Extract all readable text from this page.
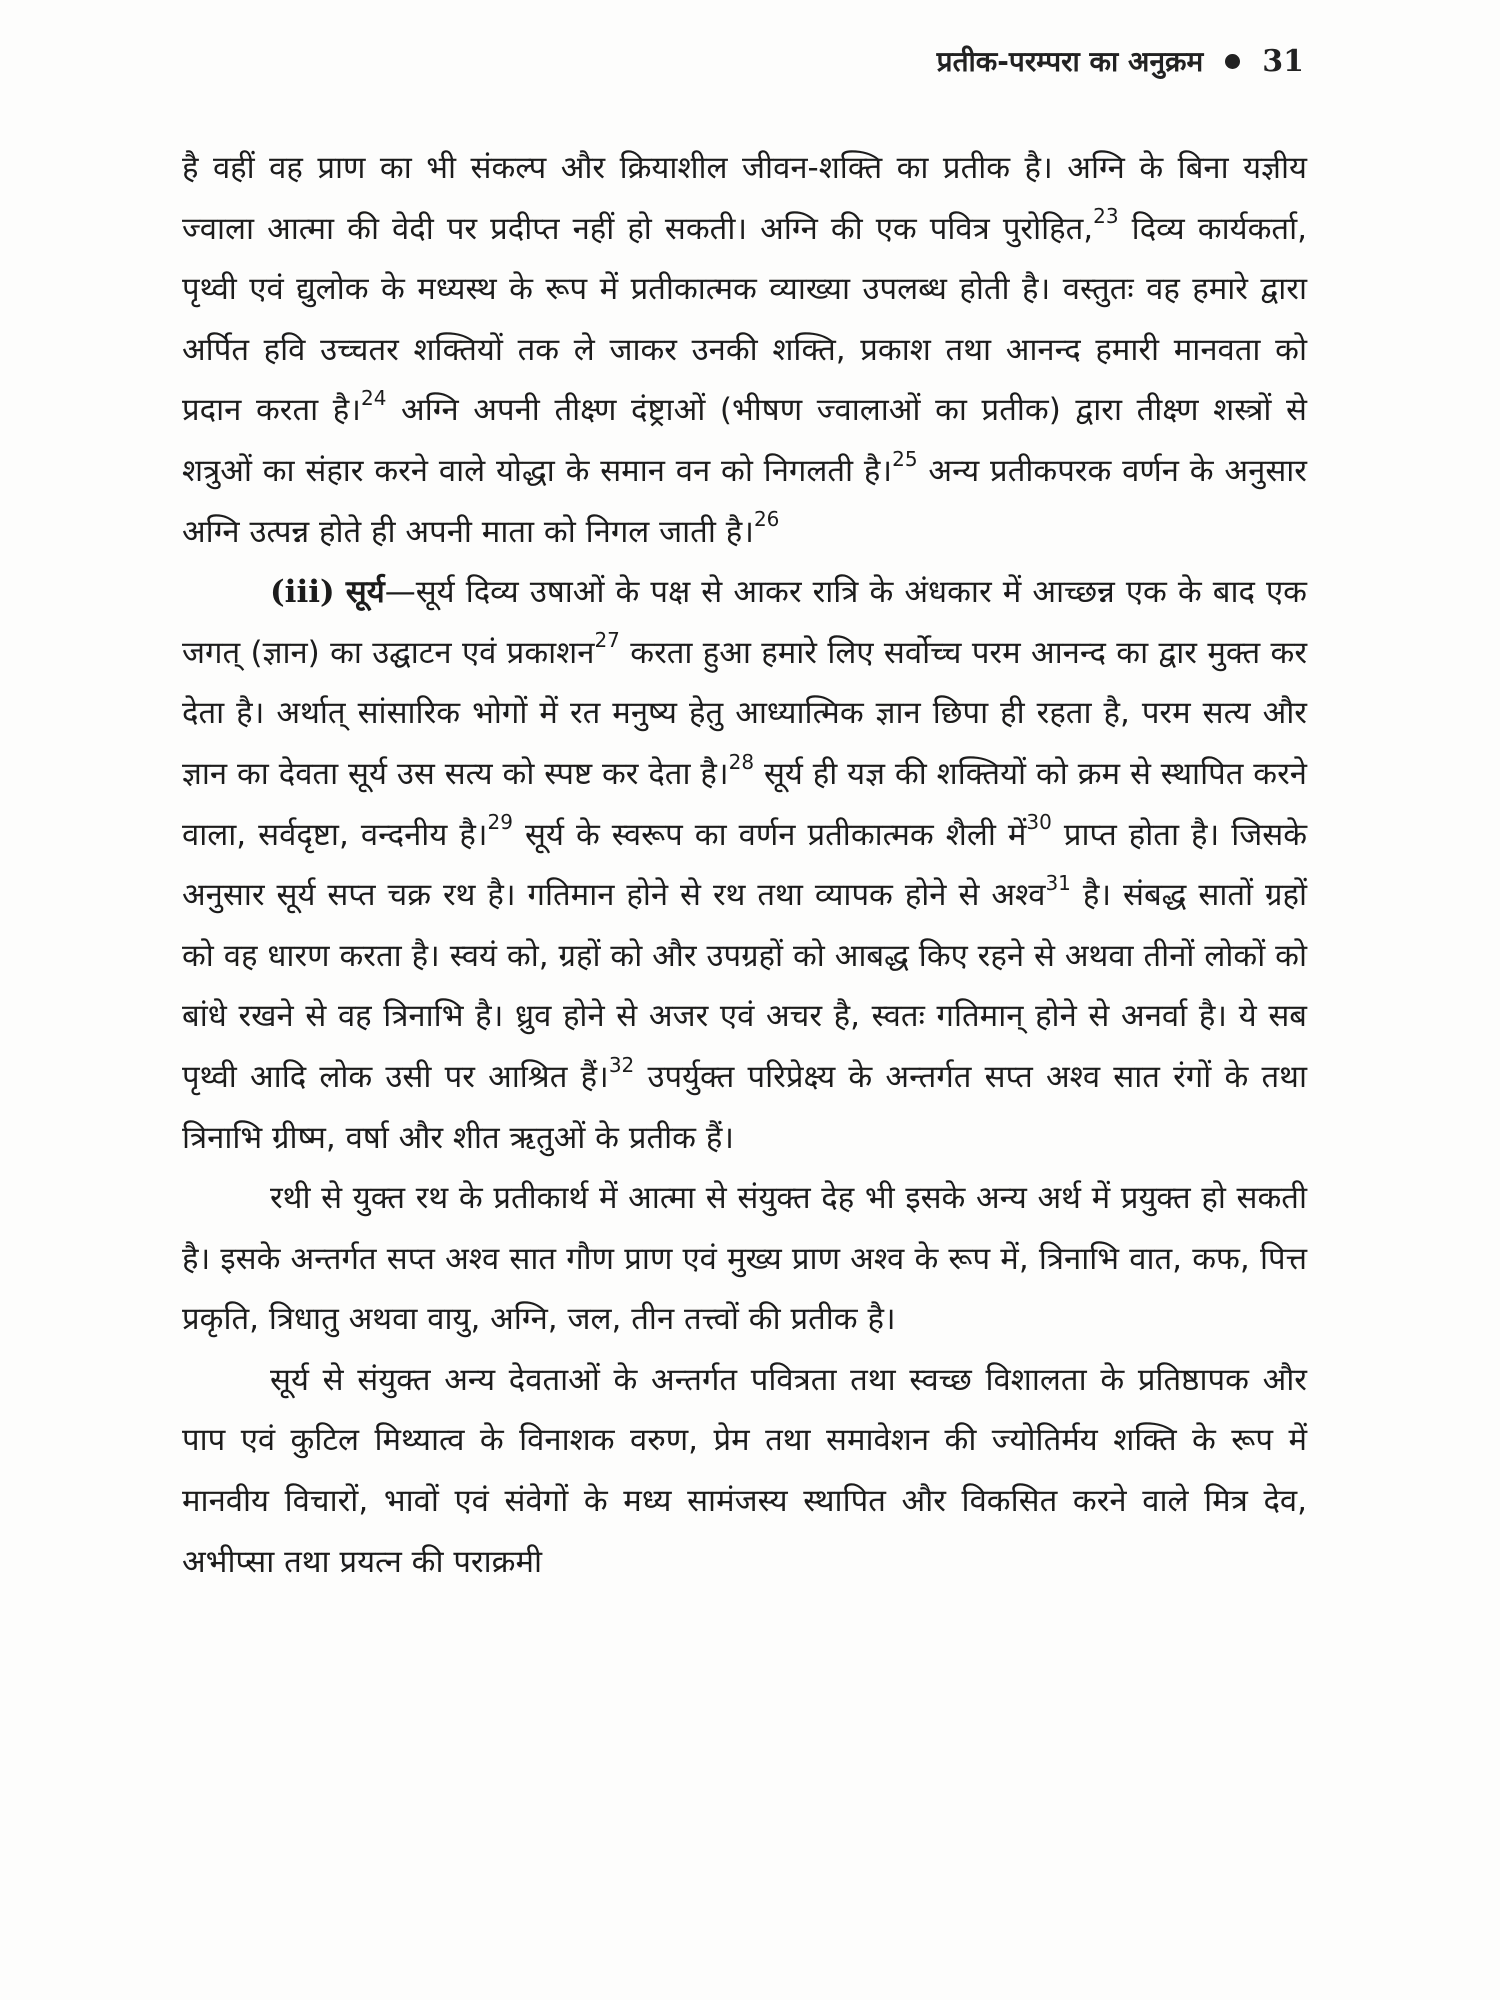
प्रतीक-परम्परा का अनुक्रम 31

है वहीं वह प्राण का भी संकल्प और क्रियाशील जीवन-शक्ति का प्रतीक है। अग्नि के बिना यज्ञीय ज्वाला आत्मा की वेदी पर प्रदीप्त नहीं हो सकती। अग्नि की एक पवित्र पुरोहित,$^{23}$ दिव्य कार्यकर्ता, पृथ्वी एवं द्युलोक के मध्यस्थ के रूप में प्रतीकात्मक व्याख्या उपलब्ध होती है। वस्तुतः वह हमारे द्वारा अर्पित हवि उच्चतर शक्तियों तक ले जाकर उनकी शक्ति, प्रकाश तथा आनन्द हमारी मानवता को प्रदान करता है।$^{24}$ अग्नि अपनी तीक्ष्ण दंष्ट्राओं (भीषण ज्वालाओं का प्रतीक) द्वारा तीक्ष्ण शस्त्रों से शत्रुओं का संहार करने वाले योद्धा के समान वन को निगलती है।$^{25}$ अन्य प्रतीकपरक वर्णन के अनुसार अग्नि उत्पन्न होते ही अपनी माता को निगल जाती है।$^{26}$

(iii) सूर्य—सूर्य दिव्य उषाओं के पक्ष से आकर रात्रि के अंधकार में आच्छन्न एक के बाद एक जगत् (ज्ञान) का उद्घाटन एवं प्रकाशन$^{27}$ करता हुआ हमारे लिए सर्वोच्च परम आनन्द का द्वार मुक्त कर देता है। अर्थात् सांसारिक भोगों में रत मनुष्य हेतु आध्यात्मिक ज्ञान छिपा ही रहता है, परम सत्य और ज्ञान का देवता सूर्य उस सत्य को स्पष्ट कर देता है।$^{28}$ सूर्य ही यज्ञ की शक्तियों को क्रम से स्थापित करने वाला, सर्वदृष्टा, वन्दनीय है।$^{29}$ सूर्य के स्वरूप का वर्णन प्रतीकात्मक शैली में$^{30}$ प्राप्त होता है। जिसके अनुसार सूर्य सप्त चक्र रथ है। गतिमान होने से रथ तथा व्यापक होने से अश्व$^{31}$ है। संबद्ध सातों ग्रहों को वह धारण करता है। स्वयं को, ग्रहों को और उपग्रहों को आबद्ध किए रहने से अथवा तीनों लोकों को बांधे रखने से वह त्रिनाभि है। ध्रुव होने से अजर एवं अचर है, स्वतः गतिमान् होने से अनर्वा है। ये सब पृथ्वी आदि लोक उसी पर आश्रित हैं।$^{32}$ उपर्युक्त परिप्रेक्ष्य के अन्तर्गत सप्त अश्व सात रंगों के तथा त्रिनाभि ग्रीष्म, वर्षा और शीत ऋतुओं के प्रतीक हैं।

रथी से युक्त रथ के प्रतीकार्थ में आत्मा से संयुक्त देह भी इसके अन्य अर्थ में प्रयुक्त हो सकती है। इसके अन्तर्गत सप्त अश्व सात गौण प्राण एवं मुख्य प्राण अश्व के रूप में, त्रिनाभि वात, कफ, पित्त प्रकृति, त्रिधातु अथवा वायु, अग्नि, जल, तीन तत्त्वों की प्रतीक है।

सूर्य से संयुक्त अन्य देवताओं के अन्तर्गत पवित्रता तथा स्वच्छ विशालता के प्रतिष्ठापक और पाप एवं कुटिल मिथ्यात्व के विनाशक वरुण, प्रेम तथा समावेशन की ज्योतिर्मय शक्ति के रूप में मानवीय विचारों, भावों एवं संवेगों के मध्य सामंजस्य स्थापित और विकसित करने वाले मित्र देव, अभीप्सा तथा प्रयत्न की पराक्रमी
